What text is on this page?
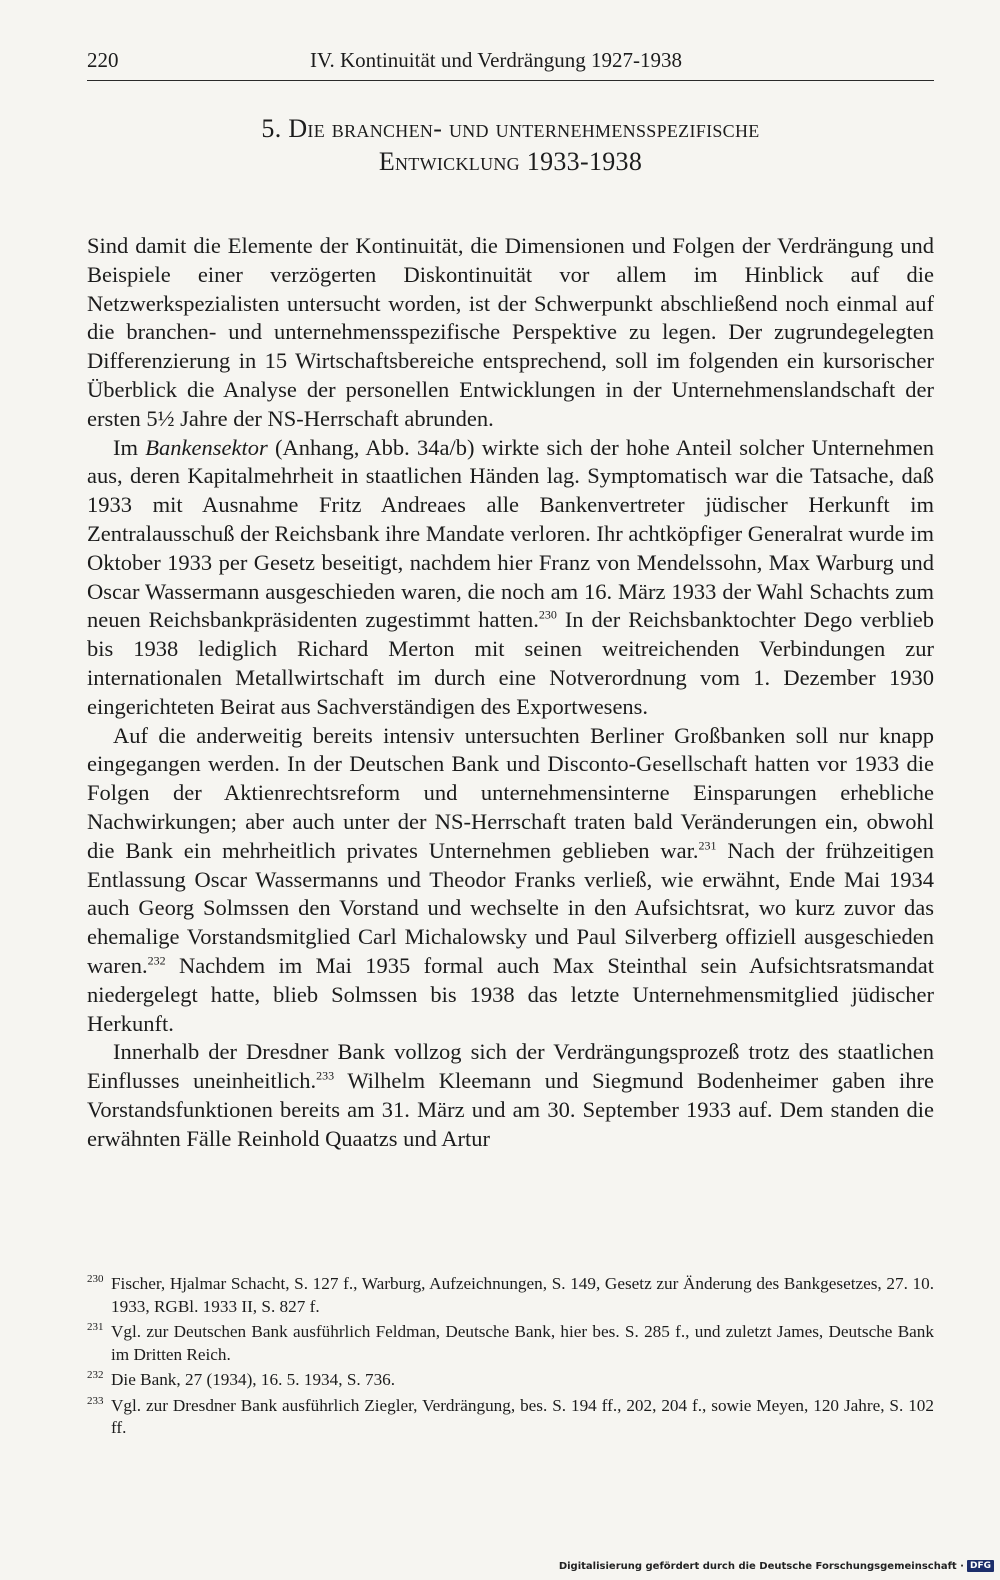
220	IV. Kontinuität und Verdrängung 1927-1938
5. Die branchen- und unternehmensspezifische
Entwicklung 1933-1938

Sind damit die Elemente der Kontinuität, die Dimensionen und Folgen der Verdrängung und Beispiele einer verzögerten Diskontinuität vor allem im Hinblick auf die Netzwerkspezialisten untersucht worden, ist der Schwerpunkt abschließend noch einmal auf die branchen- und unternehmensspezifische Perspektive zu legen. Der zugrundegelegten Differenzierung in 15 Wirtschaftsbereiche entsprechend, soll im folgenden ein kursorischer Überblick die Analyse der personellen Entwicklungen in der Unternehmenslandschaft der ersten 5½ Jahre der NS-Herrschaft abrunden.

Im Bankensektor (Anhang, Abb. 34a/b) wirkte sich der hohe Anteil solcher Unternehmen aus, deren Kapitalmehrheit in staatlichen Händen lag. Symptomatisch war die Tatsache, daß 1933 mit Ausnahme Fritz Andreaes alle Bankenvertreter jüdischer Herkunft im Zentralausschuß der Reichsbank ihre Mandate verloren. Ihr achtköpfiger Generalrat wurde im Oktober 1933 per Gesetz beseitigt, nachdem hier Franz von Mendelssohn, Max Warburg und Oscar Wassermann ausgeschieden waren, die noch am 16. März 1933 der Wahl Schachts zum neuen Reichsbankpräsidenten zugestimmt hatten.$^{230}$ In der Reichsbanktochter Dego verblieb bis 1938 lediglich Richard Merton mit seinen weitreichenden Verbindungen zur internationalen Metallwirtschaft im durch eine Notverordnung vom 1. Dezember 1930 eingerichteten Beirat aus Sachverständigen des Exportwesens.

Auf die anderweitig bereits intensiv untersuchten Berliner Großbanken soll nur knapp eingegangen werden. In der Deutschen Bank und Disconto-Gesellschaft hatten vor 1933 die Folgen der Aktienrechtsreform und unternehmensinterne Einsparungen erhebliche Nachwirkungen; aber auch unter der NS-Herrschaft traten bald Veränderungen ein, obwohl die Bank ein mehrheitlich privates Unternehmen geblieben war.$^{231}$ Nach der frühzeitigen Entlassung Oscar Wassermanns und Theodor Franks verließ, wie erwähnt, Ende Mai 1934 auch Georg Solmssen den Vorstand und wechselte in den Aufsichtsrat, wo kurz zuvor das ehemalige Vorstandsmitglied Carl Michalowsky und Paul Silverberg offiziell ausgeschieden waren.$^{232}$ Nachdem im Mai 1935 formal auch Max Steinthal sein Aufsichtsratsmandat niedergelegt hatte, blieb Solmssen bis 1938 das letzte Unternehmensmitglied jüdischer Herkunft.

Innerhalb der Dresdner Bank vollzog sich der Verdrängungsprozeß trotz des staatlichen Einflusses uneinheitlich.$^{233}$ Wilhelm Kleemann und Siegmund Bodenheimer gaben ihre Vorstandsfunktionen bereits am 31. März und am 30. September 1933 auf. Dem standen die erwähnten Fälle Reinhold Quaatzs und Artur

230 Fischer, Hjalmar Schacht, S. 127 f., Warburg, Aufzeichnungen, S. 149, Gesetz zur Änderung des Bankgesetzes, 27. 10. 1933, RGBl. 1933 II, S. 827 f.
231 Vgl. zur Deutschen Bank ausführlich Feldman, Deutsche Bank, hier bes. S. 285 f., und zuletzt James, Deutsche Bank im Dritten Reich.
232 Die Bank, 27 (1934), 16. 5. 1934, S. 736.
233 Vgl. zur Dresdner Bank ausführlich Ziegler, Verdrängung, bes. S. 194 ff., 202, 204 f., sowie Meyen, 120 Jahre, S. 102 ff.
Digitalisierung gefördert durch die Deutsche Forschungsgemeinschaft · DFG
